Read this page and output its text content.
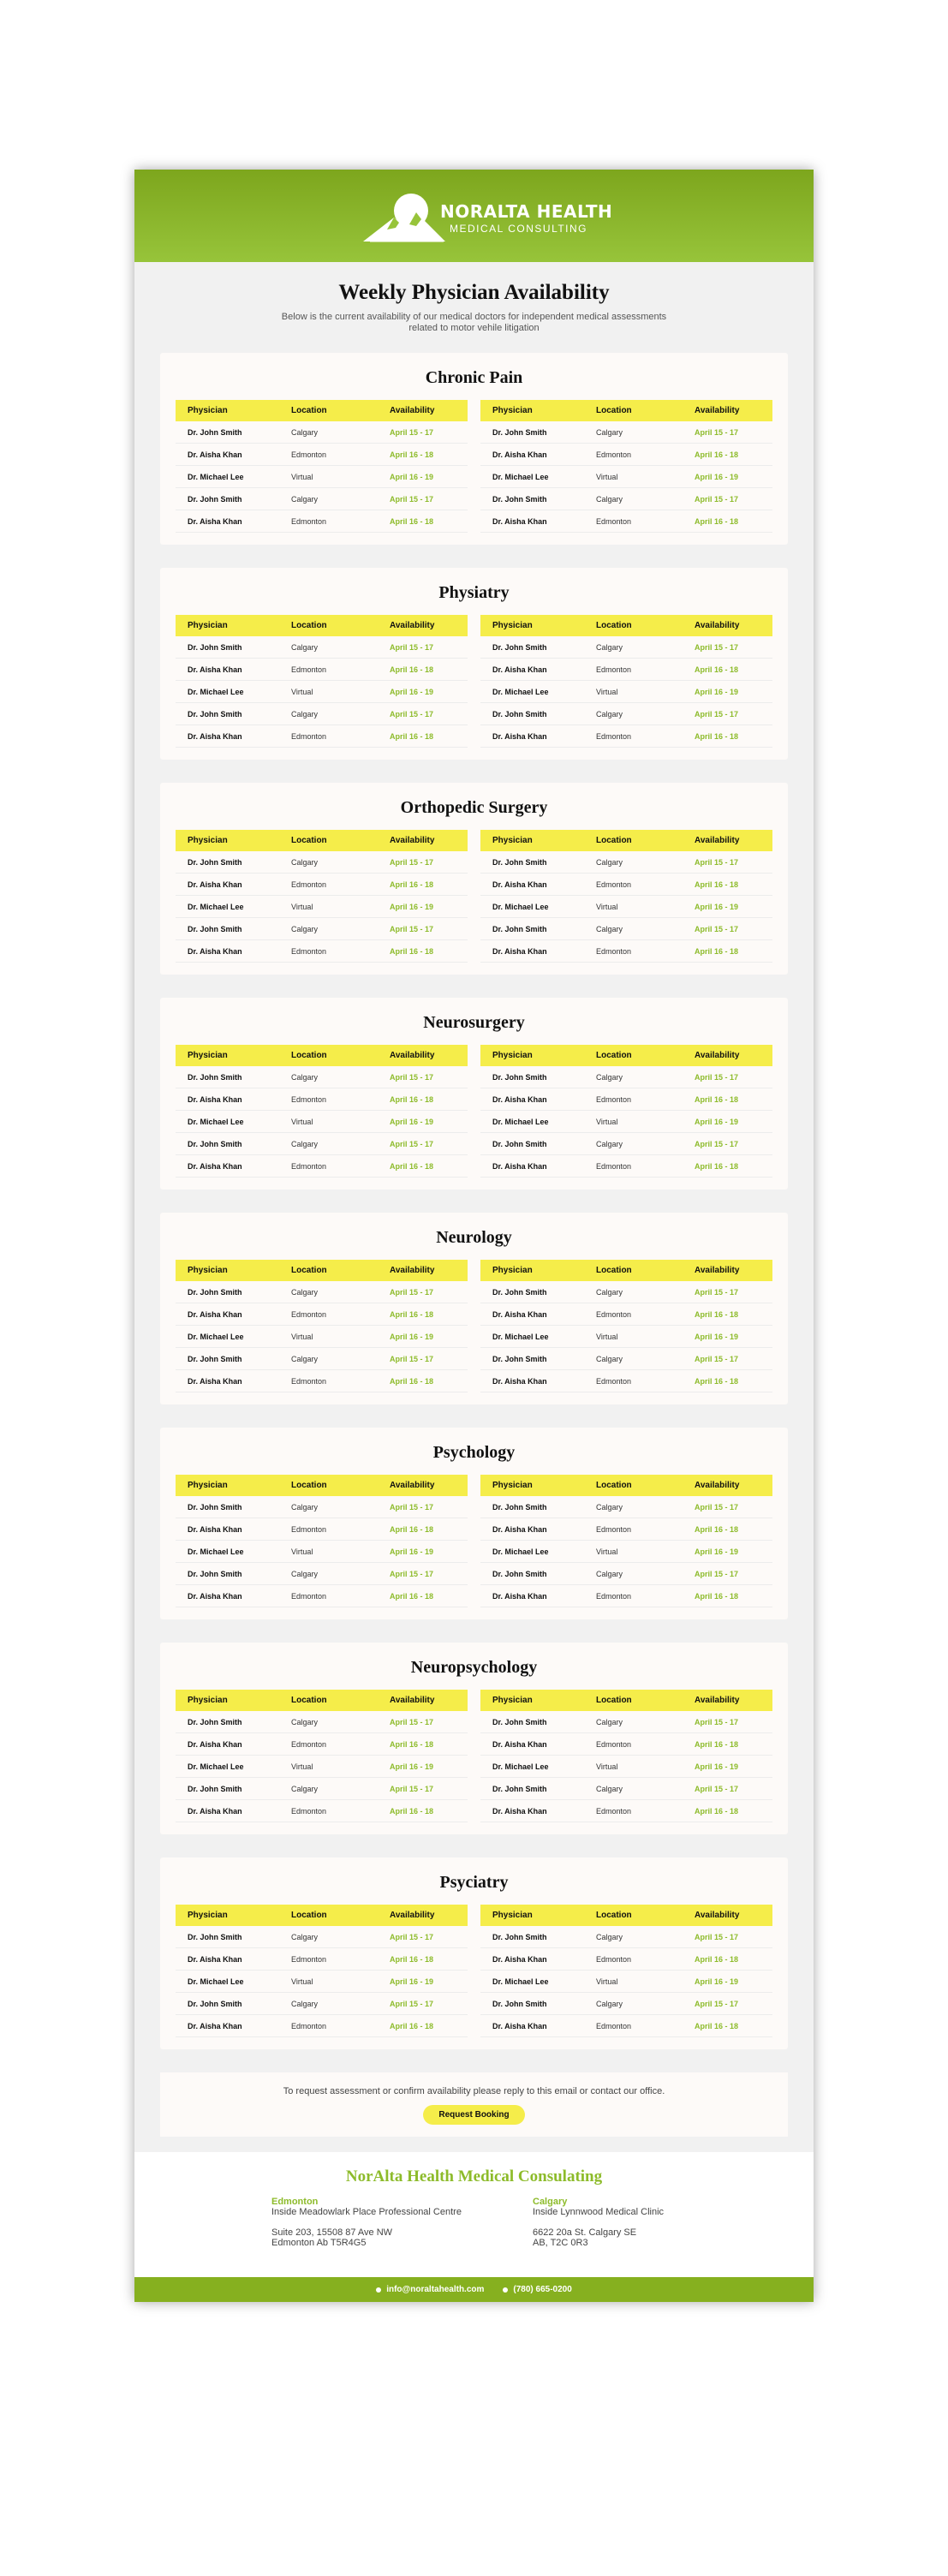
NORALTA HEALTH
MEDICAL CONSULTING
Weekly Physician Availability

Below is the current availability of our medical doctors for independent medical assessments related to motor vehile litigation

Chronic Pain
Physician	Location	Availability
Dr. John Smith	Calgary	April 15 - 17
Dr. Aisha Khan	Edmonton	April 16 - 18
Dr. Michael Lee	Virtual	April 16 - 19
Dr. John Smith	Calgary	April 15 - 17
Dr. Aisha Khan	Edmonton	April 16 - 18
Physician	Location	Availability
Dr. John Smith	Calgary	April 15 - 17
Dr. Aisha Khan	Edmonton	April 16 - 18
Dr. Michael Lee	Virtual	April 16 - 19
Dr. John Smith	Calgary	April 15 - 17
Dr. Aisha Khan	Edmonton	April 16 - 18
Physiatry
Physician	Location	Availability
Dr. John Smith	Calgary	April 15 - 17
Dr. Aisha Khan	Edmonton	April 16 - 18
Dr. Michael Lee	Virtual	April 16 - 19
Dr. John Smith	Calgary	April 15 - 17
Dr. Aisha Khan	Edmonton	April 16 - 18
Physician	Location	Availability
Dr. John Smith	Calgary	April 15 - 17
Dr. Aisha Khan	Edmonton	April 16 - 18
Dr. Michael Lee	Virtual	April 16 - 19
Dr. John Smith	Calgary	April 15 - 17
Dr. Aisha Khan	Edmonton	April 16 - 18
Orthopedic Surgery
Physician	Location	Availability
Dr. John Smith	Calgary	April 15 - 17
Dr. Aisha Khan	Edmonton	April 16 - 18
Dr. Michael Lee	Virtual	April 16 - 19
Dr. John Smith	Calgary	April 15 - 17
Dr. Aisha Khan	Edmonton	April 16 - 18
Physician	Location	Availability
Dr. John Smith	Calgary	April 15 - 17
Dr. Aisha Khan	Edmonton	April 16 - 18
Dr. Michael Lee	Virtual	April 16 - 19
Dr. John Smith	Calgary	April 15 - 17
Dr. Aisha Khan	Edmonton	April 16 - 18
Neurosurgery
Physician	Location	Availability
Dr. John Smith	Calgary	April 15 - 17
Dr. Aisha Khan	Edmonton	April 16 - 18
Dr. Michael Lee	Virtual	April 16 - 19
Dr. John Smith	Calgary	April 15 - 17
Dr. Aisha Khan	Edmonton	April 16 - 18
Physician	Location	Availability
Dr. John Smith	Calgary	April 15 - 17
Dr. Aisha Khan	Edmonton	April 16 - 18
Dr. Michael Lee	Virtual	April 16 - 19
Dr. John Smith	Calgary	April 15 - 17
Dr. Aisha Khan	Edmonton	April 16 - 18
Neurology
Physician	Location	Availability
Dr. John Smith	Calgary	April 15 - 17
Dr. Aisha Khan	Edmonton	April 16 - 18
Dr. Michael Lee	Virtual	April 16 - 19
Dr. John Smith	Calgary	April 15 - 17
Dr. Aisha Khan	Edmonton	April 16 - 18
Physician	Location	Availability
Dr. John Smith	Calgary	April 15 - 17
Dr. Aisha Khan	Edmonton	April 16 - 18
Dr. Michael Lee	Virtual	April 16 - 19
Dr. John Smith	Calgary	April 15 - 17
Dr. Aisha Khan	Edmonton	April 16 - 18
Psychology
Physician	Location	Availability
Dr. John Smith	Calgary	April 15 - 17
Dr. Aisha Khan	Edmonton	April 16 - 18
Dr. Michael Lee	Virtual	April 16 - 19
Dr. John Smith	Calgary	April 15 - 17
Dr. Aisha Khan	Edmonton	April 16 - 18
Physician	Location	Availability
Dr. John Smith	Calgary	April 15 - 17
Dr. Aisha Khan	Edmonton	April 16 - 18
Dr. Michael Lee	Virtual	April 16 - 19
Dr. John Smith	Calgary	April 15 - 17
Dr. Aisha Khan	Edmonton	April 16 - 18
Neuropsychology
Physician	Location	Availability
Dr. John Smith	Calgary	April 15 - 17
Dr. Aisha Khan	Edmonton	April 16 - 18
Dr. Michael Lee	Virtual	April 16 - 19
Dr. John Smith	Calgary	April 15 - 17
Dr. Aisha Khan	Edmonton	April 16 - 18
Physician	Location	Availability
Dr. John Smith	Calgary	April 15 - 17
Dr. Aisha Khan	Edmonton	April 16 - 18
Dr. Michael Lee	Virtual	April 16 - 19
Dr. John Smith	Calgary	April 15 - 17
Dr. Aisha Khan	Edmonton	April 16 - 18
Psyciatry
Physician	Location	Availability
Dr. John Smith	Calgary	April 15 - 17
Dr. Aisha Khan	Edmonton	April 16 - 18
Dr. Michael Lee	Virtual	April 16 - 19
Dr. John Smith	Calgary	April 15 - 17
Dr. Aisha Khan	Edmonton	April 16 - 18
Physician	Location	Availability
Dr. John Smith	Calgary	April 15 - 17
Dr. Aisha Khan	Edmonton	April 16 - 18
Dr. Michael Lee	Virtual	April 16 - 19
Dr. John Smith	Calgary	April 15 - 17
Dr. Aisha Khan	Edmonton	April 16 - 18

To request assessment or confirm availability please reply to this email or contact our office.

Request Booking
NorAlta Health Medical Consulating
Edmonton
Inside Meadowlark Place Professional Centre
Suite 203, 15508 87 Ave NW
Edmonton Ab T5R4G5
Calgary
Inside Lynnwood Medical Clinic
6622 20a St. Calgary SE
AB, T2C 0R3
info@noraltahealth.com	(780) 665-0200
